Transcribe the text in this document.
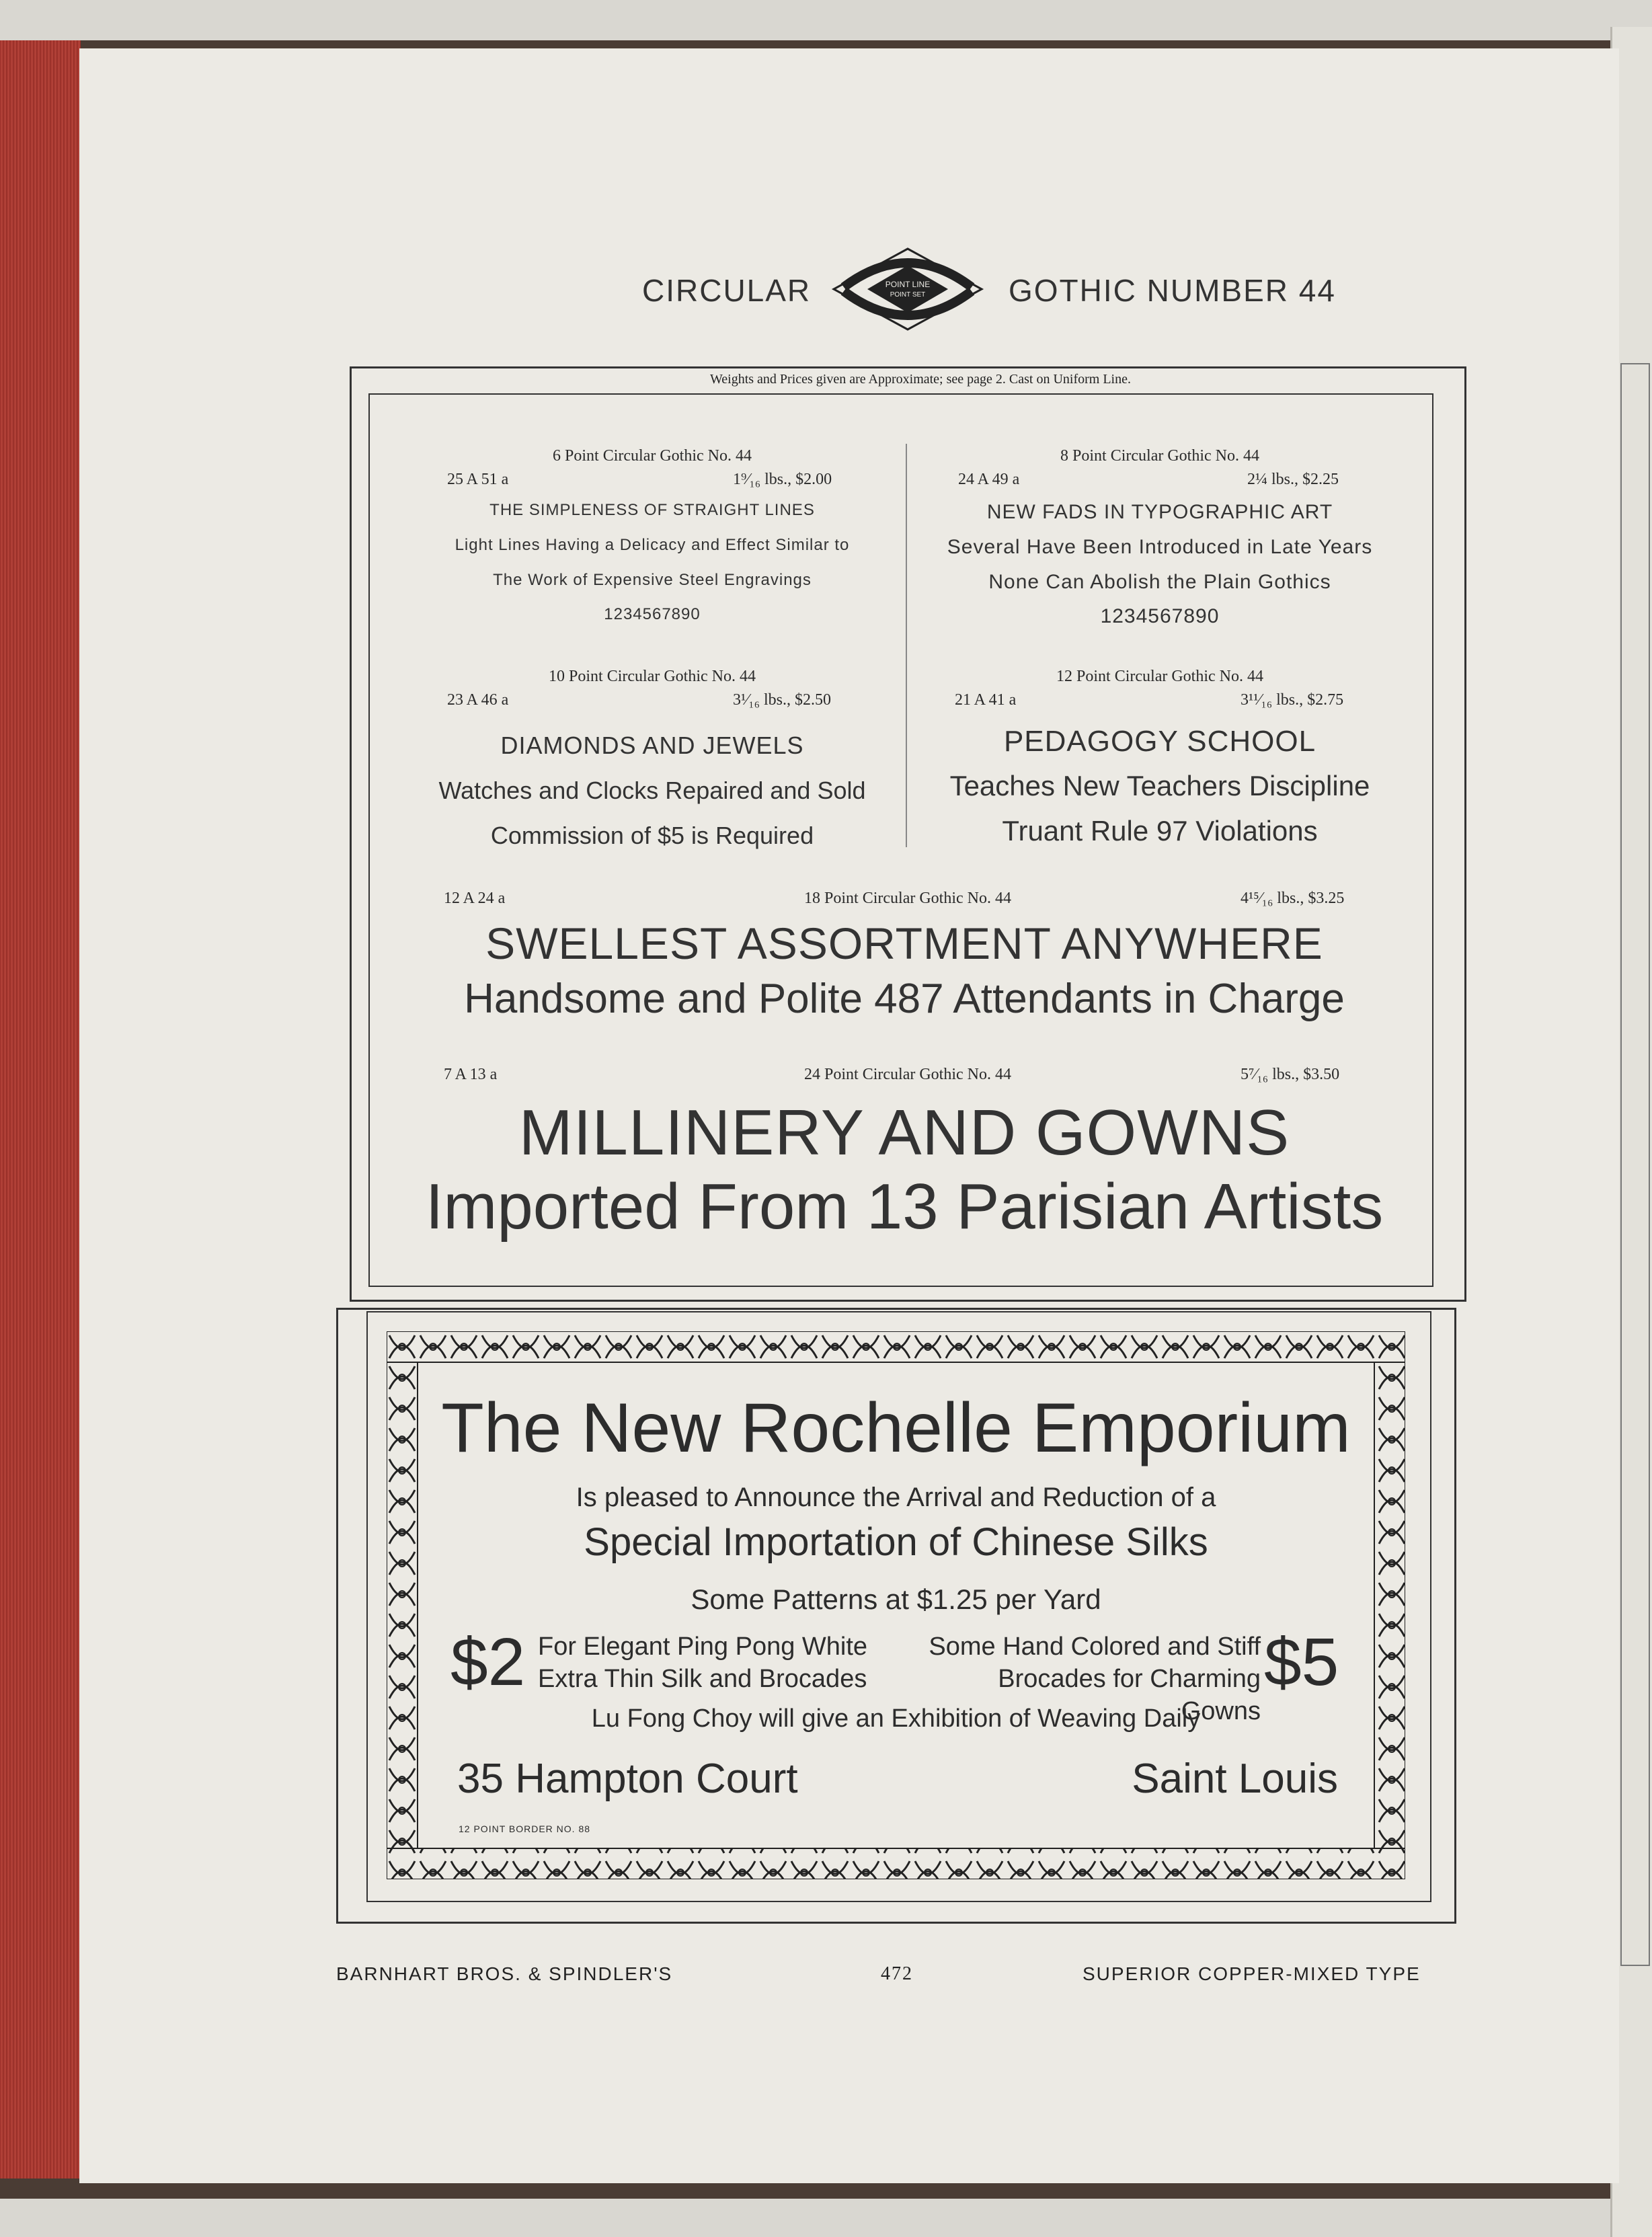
CIRCULAR	POINT LINE
POINT SET	GOTHIC NUMBER 44
Weights and Prices given are Approximate; see page 2. Cast on Uniform Line.
6 Point Circular Gothic No. 44
25 A 51 a	1⁹⁄₁₆ lbs., $2.00
THE SIMPLENESS OF STRAIGHT LINES
Light Lines Having a Delicacy and Effect Similar to
The Work of Expensive Steel Engravings
1234567890
8 Point Circular Gothic No. 44
24 A 49 a	2¼ lbs., $2.25
NEW FADS IN TYPOGRAPHIC ART
Several Have Been Introduced in Late Years
None Can Abolish the Plain Gothics
1234567890
10 Point Circular Gothic No. 44
23 A 46 a	3¹⁄₁₆ lbs., $2.50
DIAMONDS AND JEWELS
Watches and Clocks Repaired and Sold
Commission of $5 is Required
12 Point Circular Gothic No. 44
21 A 41 a	3¹¹⁄₁₆ lbs., $2.75
PEDAGOGY SCHOOL
Teaches New Teachers Discipline
Truant Rule 97 Violations
12 A 24 a	18 Point Circular Gothic No. 44	4¹⁵⁄₁₆ lbs., $3.25
SWELLEST ASSORTMENT ANYWHERE
Handsome and Polite 487 Attendants in Charge
7 A 13 a	24 Point Circular Gothic No. 44	5⁷⁄₁₆ lbs., $3.50
MILLINERY AND GOWNS
Imported From 13 Parisian Artists
The New Rochelle Emporium
Is pleased to Announce the Arrival and Reduction of a
Special Importation of Chinese Silks
Some Patterns at $1.25 per Yard
$2 For Elegant Ping Pong White
Extra Thin Silk and Brocades
Some Hand Colored and Stiff
Brocades for Charming Gowns
$5
Lu Fong Choy will give an Exhibition of Weaving Daily
35 Hampton Court	Saint Louis
12 POINT BORDER NO. 88
BARNHART BROS. & SPINDLER'S	472	SUPERIOR COPPER-MIXED TYPE
